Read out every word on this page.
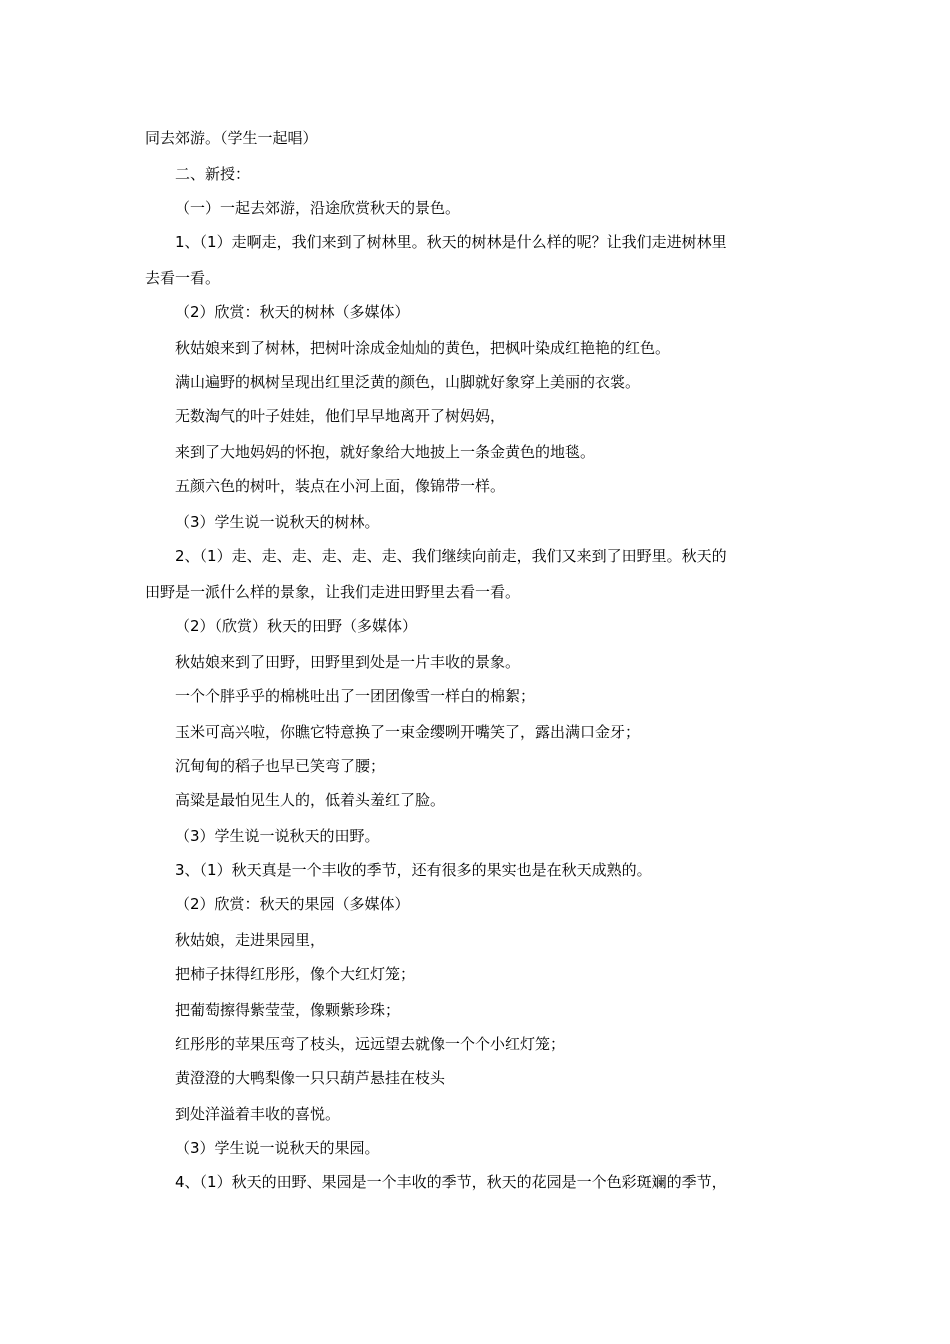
同去郊游。（学生一起唱）
二、新授：
（一）一起去郊游，沿途欣赏秋天的景色。
1、（1）走啊走，我们来到了树林里。秋天的树林是什么样的呢？让我们走进树林里
去看一看。
（2）欣赏：秋天的树林（多媒体）
秋姑娘来到了树林，把树叶涂成金灿灿的黄色，把枫叶染成红艳艳的红色。
满山遍野的枫树呈现出红里泛黄的颜色，山脚就好象穿上美丽的衣裳。
无数淘气的叶子娃娃，他们早早地离开了树妈妈，
来到了大地妈妈的怀抱，就好象给大地披上一条金黄色的地毯。
五颜六色的树叶，装点在小河上面，像锦带一样。
（3）学生说一说秋天的树林。
2、（1）走、走、走、走、走、走、我们继续向前走，我们又来到了田野里。秋天的
田野是一派什么样的景象，让我们走进田野里去看一看。
（2）（欣赏）秋天的田野（多媒体）
秋姑娘来到了田野，田野里到处是一片丰收的景象。
一个个胖乎乎的棉桃吐出了一团团像雪一样白的棉絮；
玉米可高兴啦，你瞧它特意换了一束金缨咧开嘴笑了，露出满口金牙；
沉甸甸的稻子也早已笑弯了腰；
高粱是最怕见生人的，低着头羞红了脸。
（3）学生说一说秋天的田野。
3、（1）秋天真是一个丰收的季节，还有很多的果实也是在秋天成熟的。
（2）欣赏：秋天的果园（多媒体）
秋姑娘，走进果园里，
把柿子抹得红彤彤，像个大红灯笼；
把葡萄擦得紫莹莹，像颗紫珍珠；
红彤彤的苹果压弯了枝头，远远望去就像一个个小红灯笼；
黄澄澄的大鸭梨像一只只葫芦悬挂在枝头
到处洋溢着丰收的喜悦。
（3）学生说一说秋天的果园。
4、（1）秋天的田野、果园是一个丰收的季节，秋天的花园是一个色彩斑斓的季节，
